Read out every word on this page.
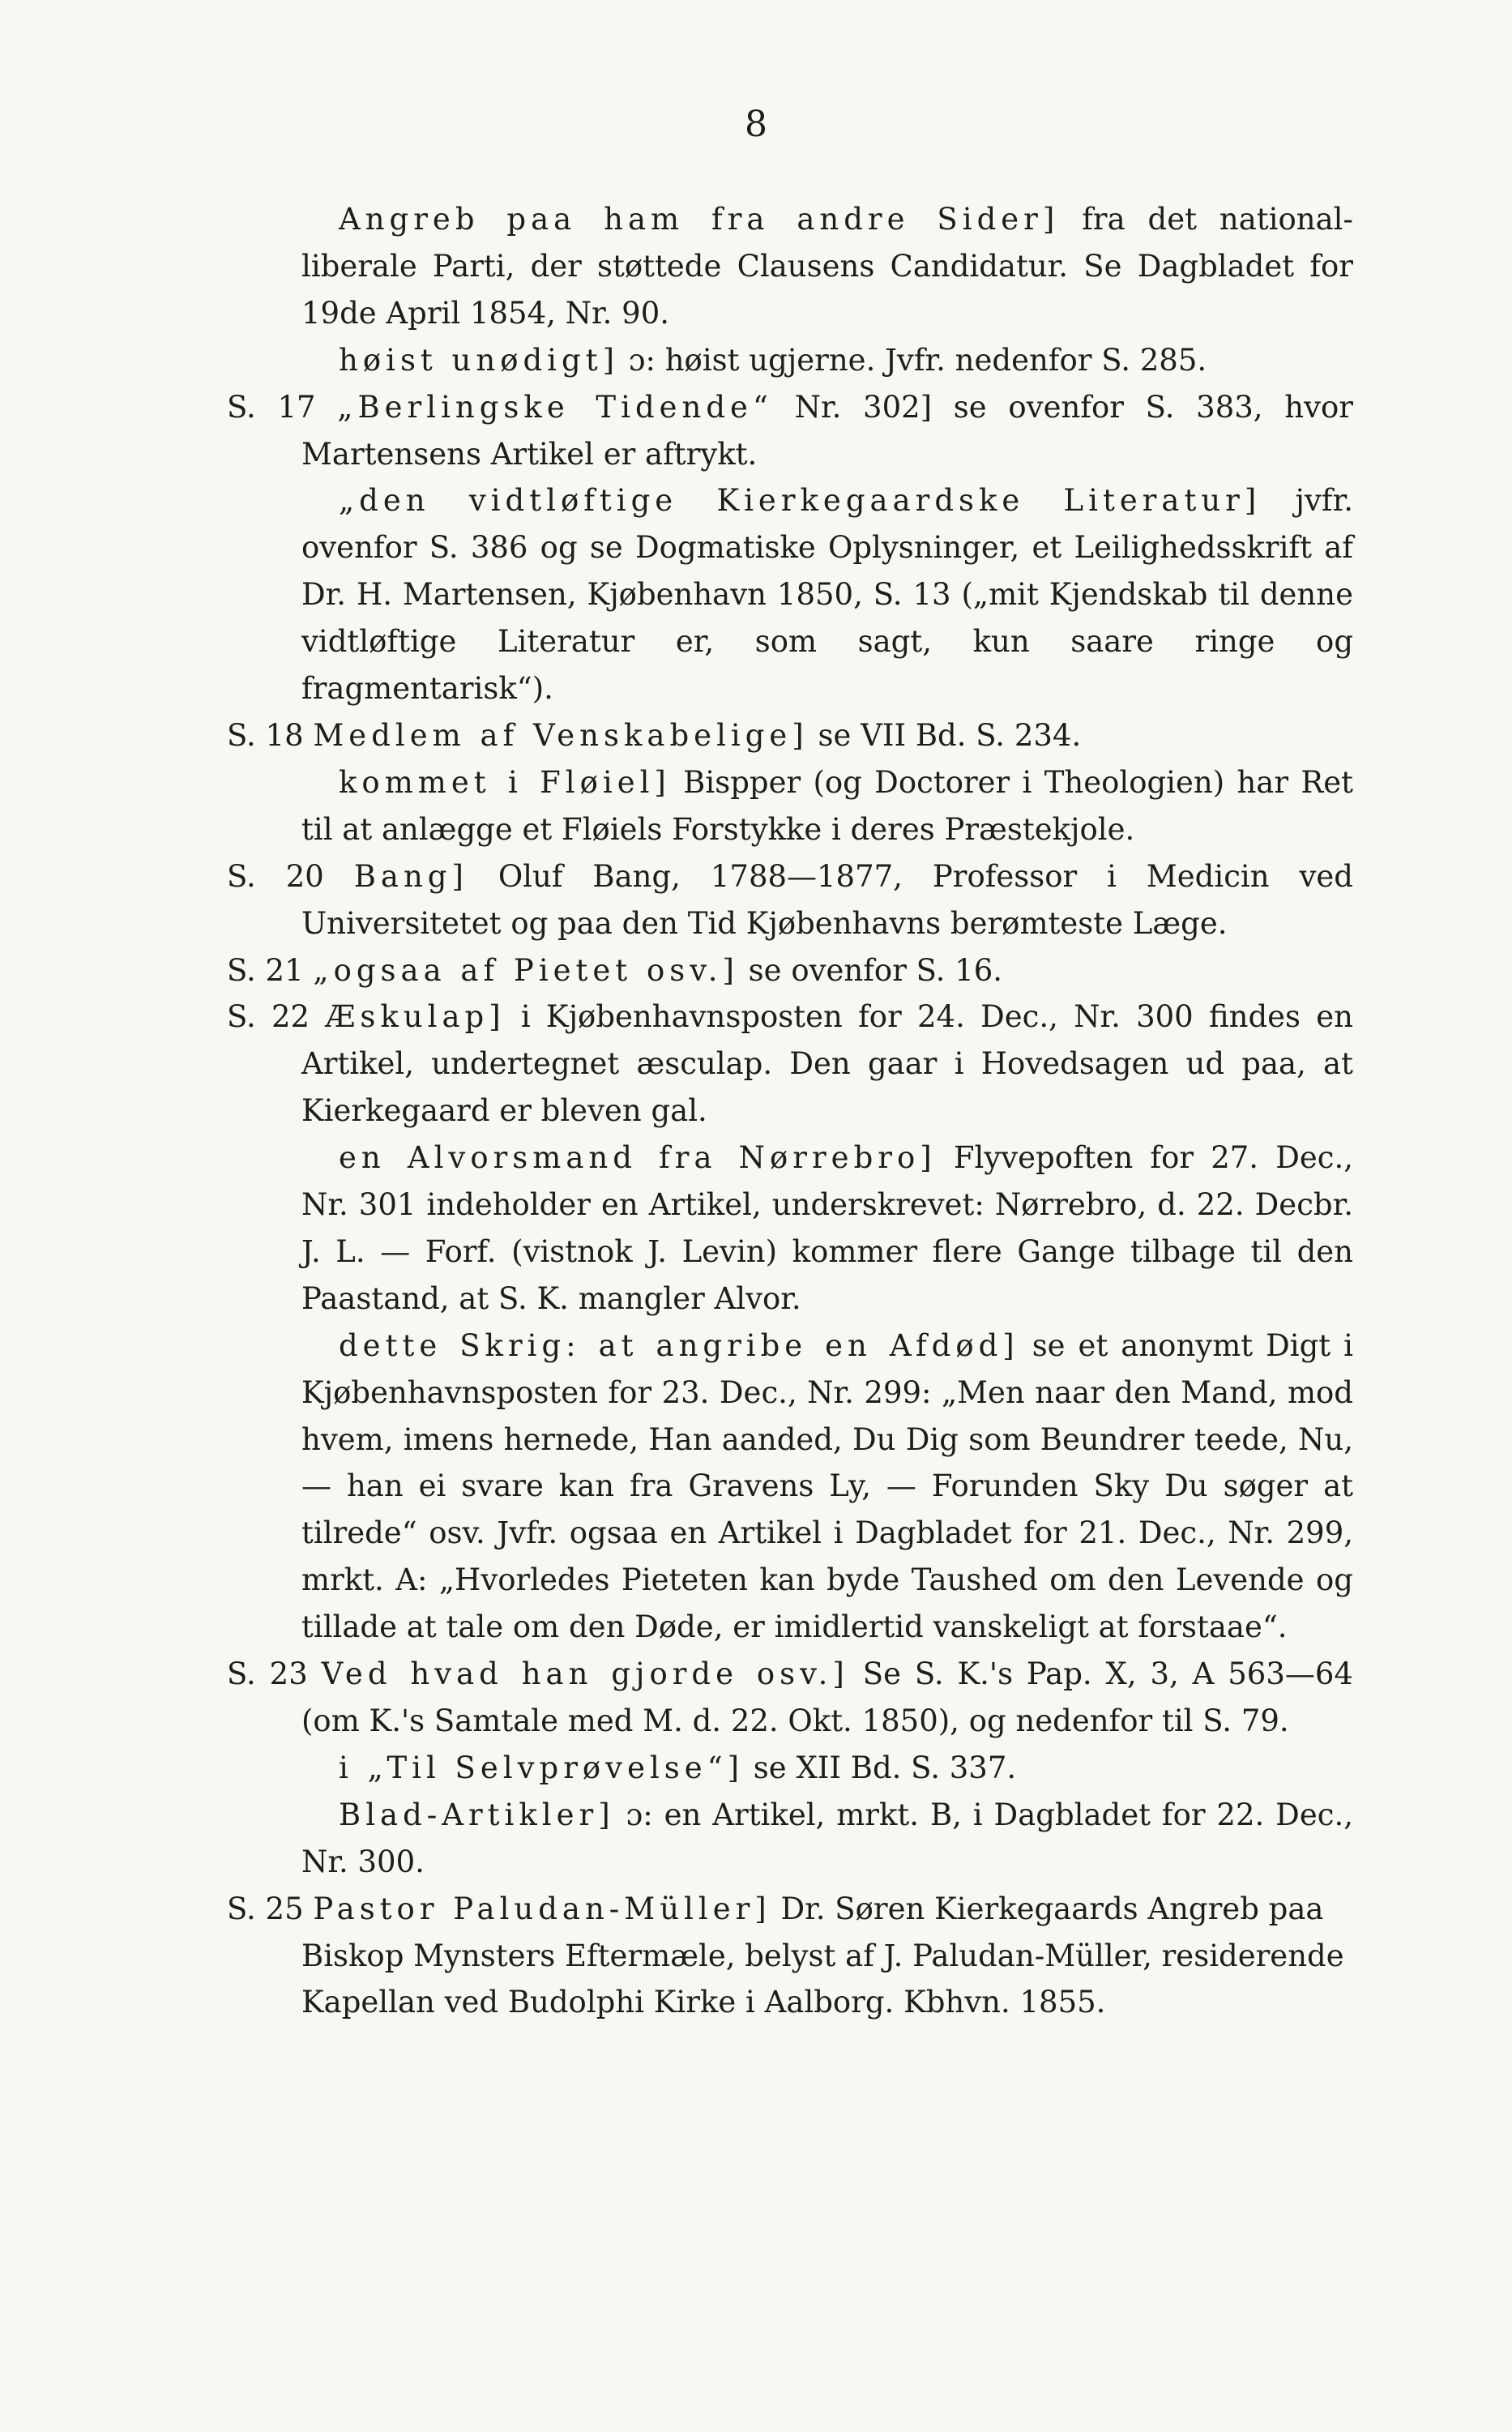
8

Angreb paa ham fra andre Sider] fra det national-liberale Parti, der støttede Clausens Candidatur. Se Dagbladet for 19de April 1854, Nr. 90.

høist unødigt] ɔ: høist ugjerne. Jvfr. nedenfor S. 285.

S. 17 „Berlingske Tidende“ Nr. 302] se ovenfor S. 383, hvor Martensens Artikel er aftrykt.

„den vidtløftige Kierkegaardske Literatur] jvfr. ovenfor S. 386 og se Dogmatiske Oplysninger, et Leilighedsskrift af Dr. H. Martensen, Kjøbenhavn 1850, S. 13 („mit Kjendskab til denne vidtløftige Literatur er, som sagt, kun saare ringe og fragmentarisk“).

S. 18 Medlem af Venskabelige] se VII Bd. S. 234.

kommet i Fløiel] Bispper (og Doctorer i Theologien) har Ret til at anlægge et Fløiels Forstykke i deres Præstekjole.

S. 20 Bang] Oluf Bang, 1788—1877, Professor i Medicin ved Universitetet og paa den Tid Kjøbenhavns berømteste Læge.

S. 21 „ogsaa af Pietet osv.] se ovenfor S. 16.

S. 22 Æskulap] i Kjøbenhavnsposten for 24. Dec., Nr. 300 findes en Artikel, undertegnet æsculap. Den gaar i Hovedsagen ud paa, at Kierkegaard er bleven gal.

en Alvorsmand fra Nørrebro] Flyvepoften for 27. Dec., Nr. 301 indeholder en Artikel, underskrevet: Nørrebro, d. 22. Decbr. J. L. — Forf. (vistnok J. Levin) kommer flere Gange tilbage til den Paastand, at S. K. mangler Alvor.

dette Skrig: at angribe en Afdød] se et anonymt Digt i Kjøbenhavnsposten for 23. Dec., Nr. 299: „Men naar den Mand, mod hvem, imens hernede, Han aanded, Du Dig som Beundrer teede, Nu, — han ei svare kan fra Gravens Ly, — Forunden Sky Du søger at tilrede“ osv. Jvfr. ogsaa en Artikel i Dagbladet for 21. Dec., Nr. 299, mrkt. A: „Hvorledes Pieteten kan byde Taushed om den Levende og tillade at tale om den Døde, er imidlertid vanskeligt at forstaae“.

S. 23 Ved hvad han gjorde osv.] Se S. K.'s Pap. X, 3, A 563—64 (om K.'s Samtale med M. d. 22. Okt. 1850), og nedenfor til S. 79.

i „Til Selvprøvelse“] se XII Bd. S. 337.

Blad-Artikler] ɔ: en Artikel, mrkt. B, i Dagbladet for 22. Dec., Nr. 300.

S. 25 Pastor Paludan-Müller] Dr. Søren Kierkegaards Angreb paa Biskop Mynsters Eftermæle, belyst af J. Paludan-Müller, residerende Kapellan ved Budolphi Kirke i Aalborg. Kbhvn. 1855.
